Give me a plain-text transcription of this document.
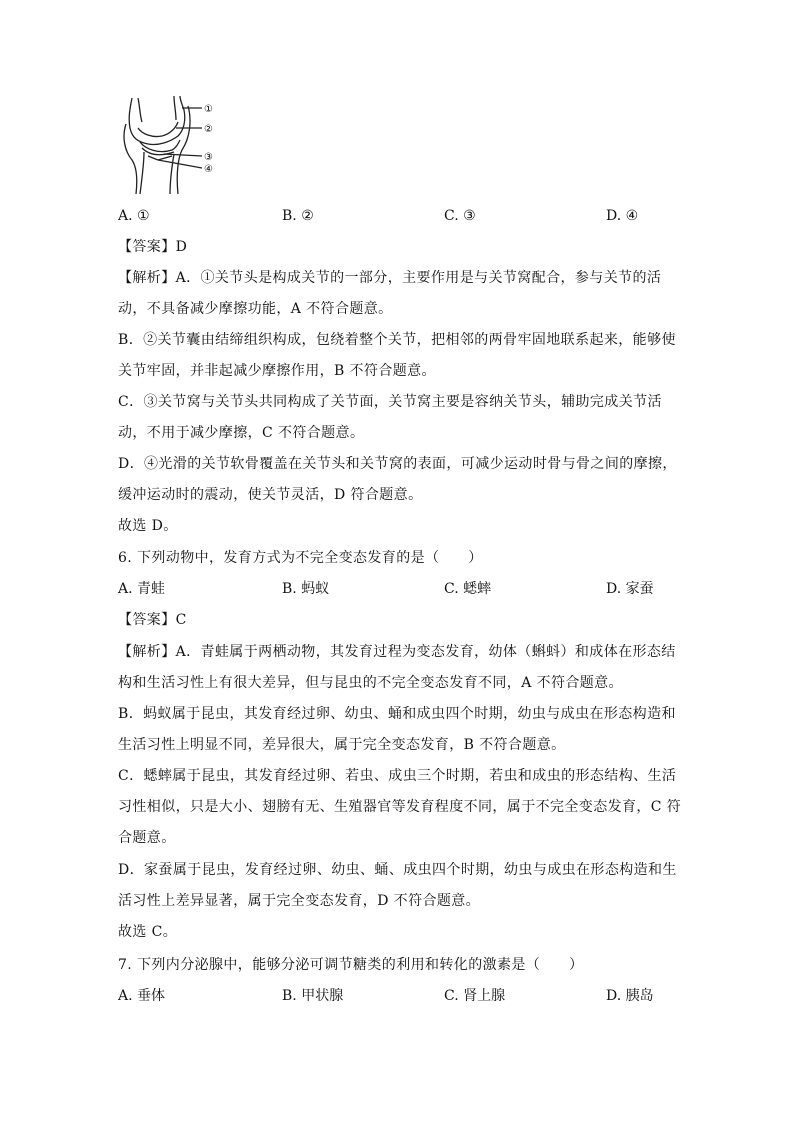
①
②
③
④
A. ①	B. ②	C. ③	D. ④
【答案】D
【解析】A．①关节头是构成关节的一部分，主要作用是与关节窝配合，参与关节的活
动，不具备减少摩擦功能，A 不符合题意。
B．②关节囊由结缔组织构成，包绕着整个关节，把相邻的两骨牢固地联系起来，能够使
关节牢固，并非起减少摩擦作用，B 不符合题意。
C．③关节窝与关节头共同构成了关节面，关节窝主要是容纳关节头，辅助完成关节活
动，不用于减少摩擦，C 不符合题意。
D．④光滑的关节软骨覆盖在关节头和关节窝的表面，可减少运动时骨与骨之间的摩擦，
缓冲运动时的震动，使关节灵活，D 符合题意。
故选 D。
6. 下列动物中，发育方式为不完全变态发育的是（　　）
A. 青蛙	B. 蚂蚁	C. 蟋蟀	D. 家蚕
【答案】C
【解析】A．青蛙属于两栖动物，其发育过程为变态发育，幼体（蝌蚪）和成体在形态结
构和生活习性上有很大差异，但与昆虫的不完全变态发育不同，A 不符合题意。
B．蚂蚁属于昆虫，其发育经过卵、幼虫、蛹和成虫四个时期，幼虫与成虫在形态构造和
生活习性上明显不同，差异很大，属于完全变态发育，B 不符合题意。
C．蟋蟀属于昆虫，其发育经过卵、若虫、成虫三个时期，若虫和成虫的形态结构、生活
习性相似，只是大小、翅膀有无、生殖器官等发育程度不同，属于不完全变态发育，C 符
合题意。
D．家蚕属于昆虫，发育经过卵、幼虫、蛹、成虫四个时期，幼虫与成虫在形态构造和生
活习性上差异显著，属于完全变态发育，D 不符合题意。
故选 C。
7. 下列内分泌腺中，能够分泌可调节糖类的利用和转化的激素是（　　）
A. 垂体	B. 甲状腺	C. 肾上腺	D. 胰岛
